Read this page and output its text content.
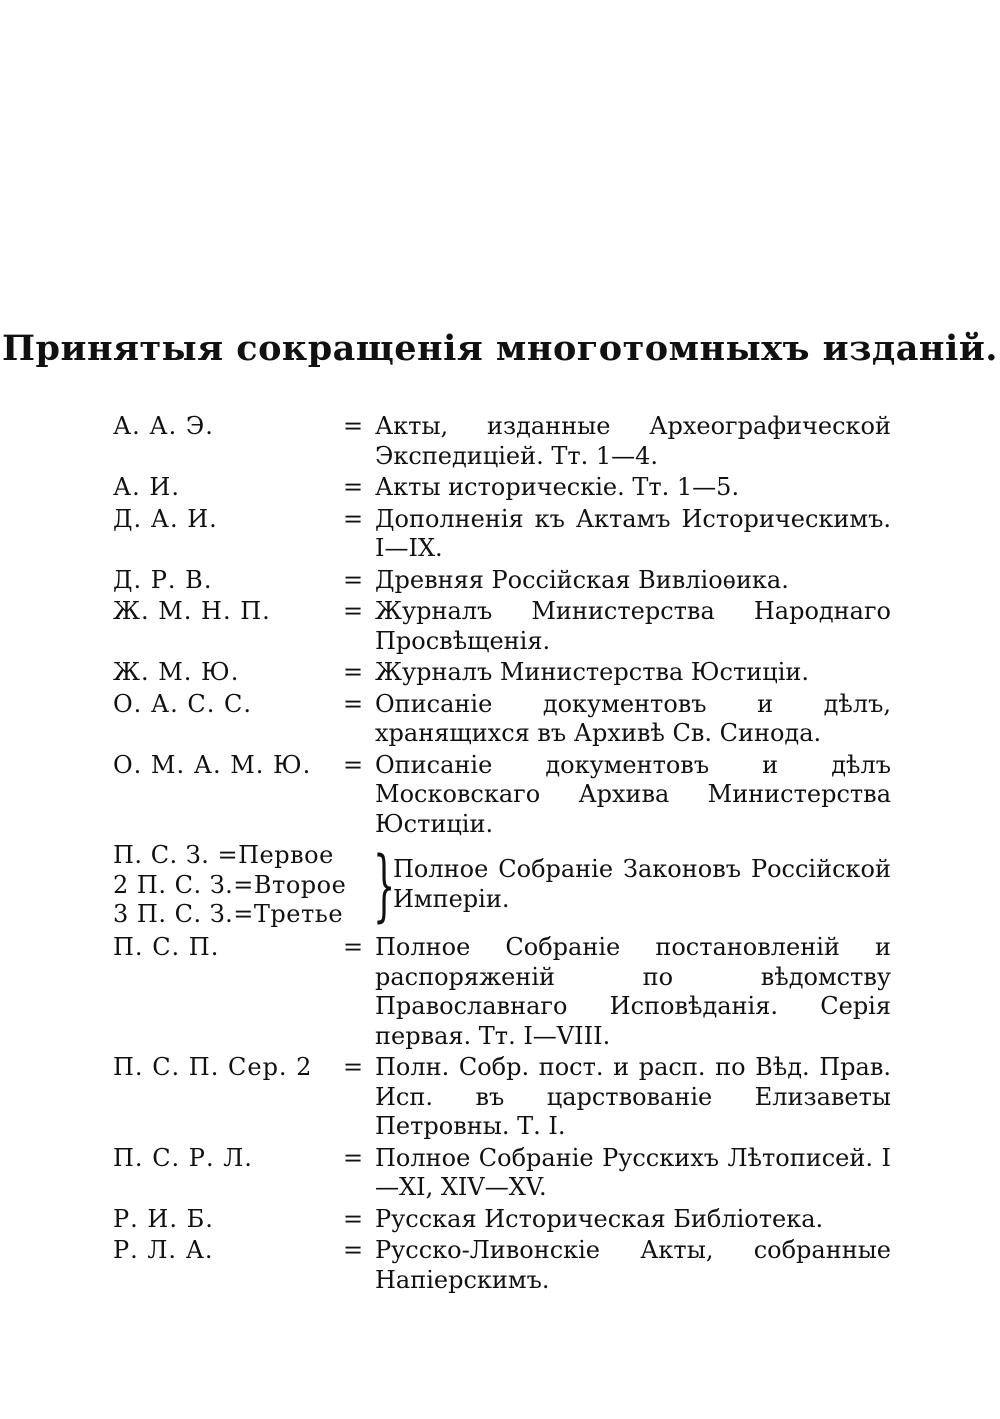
Принятыя сокращенія многотомныхъ изданій.
А. А. Э.	= Акты, изданные Археографической Экспедиціей. Тт. 1—4.
А. И.	= Акты историческіе. Тт. 1—5.
Д. А. И.	= Дополненія къ Актамъ Историческимъ. I—IX.
Д. Р. В.	= Древняя Россійская Вивліоѳика.
Ж. М. Н. П.	= Журналъ Министерства Народнаго Просвѣщенія.
Ж. М. Ю.	= Журналъ Министерства Юстиціи.
О. А. С. С.	= Описаніе документовъ и дѣлъ, хранящихся въ Архивѣ Св. Синода.
О. М. А. М. Ю.	= Описаніе документовъ и дѣлъ Московскаго Архива Министерства Юстиціи.
П. С. З. =Первое
2 П. С. З.=Второе
3 П. С. З.=Третье }
Полное Собраніе Законовъ Россійской Имперіи.
П. С. П.	= Полное Собраніе постановленій и распоряженій по вѣдомству Православнаго Исповѣданія. Серія первая. Тт. I—VIII.
П. С. П. Сер. 2	= Полн. Собр. пост. и расп. по Вѣд. Прав. Исп. въ царствованіе Елизаветы Петровны. Т. I.
П. С. Р. Л.	= Полное Собраніе Русскихъ Лѣтописей. I—XI, XIV—XV.
Р. И. Б.	= Русская Историческая Библіотека.
Р. Л. А.	= Русско-Ливонскіе Акты, собранные Напіерскимъ.
